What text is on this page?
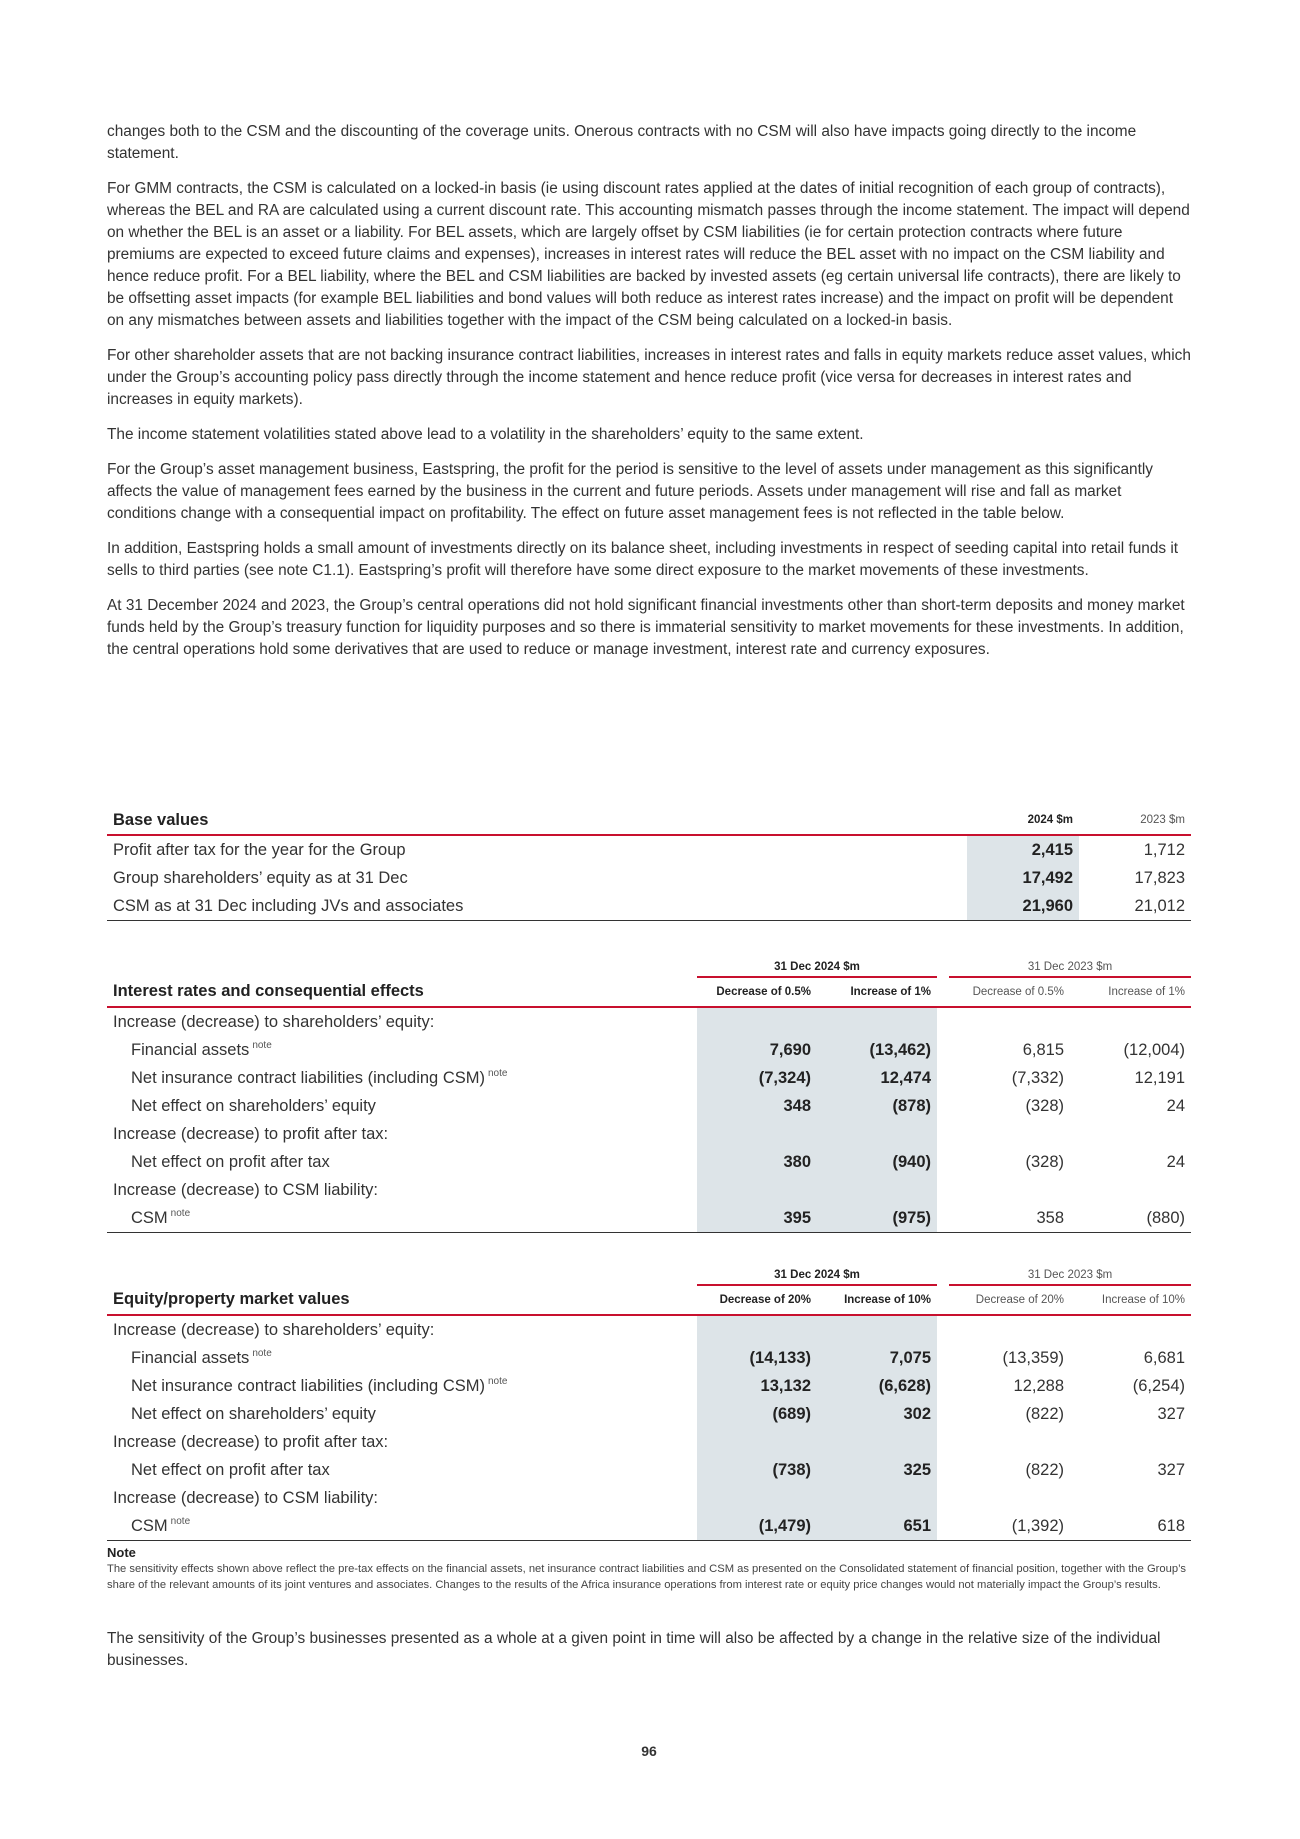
changes both to the CSM and the discounting of the coverage units. Onerous contracts with no CSM will also have impacts going directly to the income statement.

For GMM contracts, the CSM is calculated on a locked-in basis (ie using discount rates applied at the dates of initial recognition of each group of contracts), whereas the BEL and RA are calculated using a current discount rate. This accounting mismatch passes through the income statement. The impact will depend on whether the BEL is an asset or a liability. For BEL assets, which are largely offset by CSM liabilities (ie for certain protection contracts where future premiums are expected to exceed future claims and expenses), increases in interest rates will reduce the BEL asset with no impact on the CSM liability and hence reduce profit. For a BEL liability, where the BEL and CSM liabilities are backed by invested assets (eg certain universal life contracts), there are likely to be offsetting asset impacts (for example BEL liabilities and bond values will both reduce as interest rates increase) and the impact on profit will be dependent on any mismatches between assets and liabilities together with the impact of the CSM being calculated on a locked-in basis.

For other shareholder assets that are not backing insurance contract liabilities, increases in interest rates and falls in equity markets reduce asset values, which under the Group’s accounting policy pass directly through the income statement and hence reduce profit (vice versa for decreases in interest rates and increases in equity markets).

The income statement volatilities stated above lead to a volatility in the shareholders’ equity to the same extent.

For the Group’s asset management business, Eastspring, the profit for the period is sensitive to the level of assets under management as this significantly affects the value of management fees earned by the business in the current and future periods. Assets under management will rise and fall as market conditions change with a consequential impact on profitability. The effect on future asset management fees is not reflected in the table below.

In addition, Eastspring holds a small amount of investments directly on its balance sheet, including investments in respect of seeding capital into retail funds it sells to third parties (see note C1.1). Eastspring’s profit will therefore have some direct exposure to the market movements of these investments.

At 31 December 2024 and 2023, the Group’s central operations did not hold significant financial investments other than short-term deposits and money market funds held by the Group’s treasury function for liquidity purposes and so there is immaterial sensitivity to market movements for these investments. In addition, the central operations hold some derivatives that are used to reduce or manage investment, interest rate and currency exposures.

Base values	2024 $m	2023 $m
Profit after tax for the year for the Group	2,415	1,712
Group shareholders’ equity as at 31 Dec	17,492	17,823
CSM as at 31 Dec including JVs and associates	21,960	21,012
	31 Dec 2024 $m			31 Dec 2023 $m	
Interest rates and consequential effects	Decrease of 0.5%	Increase of 1%		Decrease of 0.5%	Increase of 1%
Increase (decrease) to shareholders’ equity:					
Financial assets $^{note}$	7,690	(13,462)		6,815	(12,004)
Net insurance contract liabilities (including CSM) $^{note}$	(7,324)	12,474		(7,332)	12,191
Net effect on shareholders’ equity	348	(878)		(328)	24
Increase (decrease) to profit after tax:					
Net effect on profit after tax	380	(940)		(328)	24
Increase (decrease) to CSM liability:					
CSM $^{note}$	395	(975)		358	(880)
	31 Dec 2024 $m			31 Dec 2023 $m	
Equity/property market values	Decrease of 20%	Increase of 10%		Decrease of 20%	Increase of 10%
Increase (decrease) to shareholders’ equity:					
Financial assets $^{note}$	(14,133)	7,075		(13,359)	6,681
Net insurance contract liabilities (including CSM) $^{note}$	13,132	(6,628)		12,288	(6,254)
Net effect on shareholders’ equity	(689)	302		(822)	327
Increase (decrease) to profit after tax:					
Net effect on profit after tax	(738)	325		(822)	327
Increase (decrease) to CSM liability:					
CSM $^{note}$	(1,479)	651		(1,392)	618

Note

The sensitivity effects shown above reflect the pre-tax effects on the financial assets, net insurance contract liabilities and CSM as presented on the Consolidated statement of financial position, together with the Group’s share of the relevant amounts of its joint ventures and associates. Changes to the results of the Africa insurance operations from interest rate or equity price changes would not materially impact the Group’s results.

The sensitivity of the Group’s businesses presented as a whole at a given point in time will also be affected by a change in the relative size of the individual businesses.

96
